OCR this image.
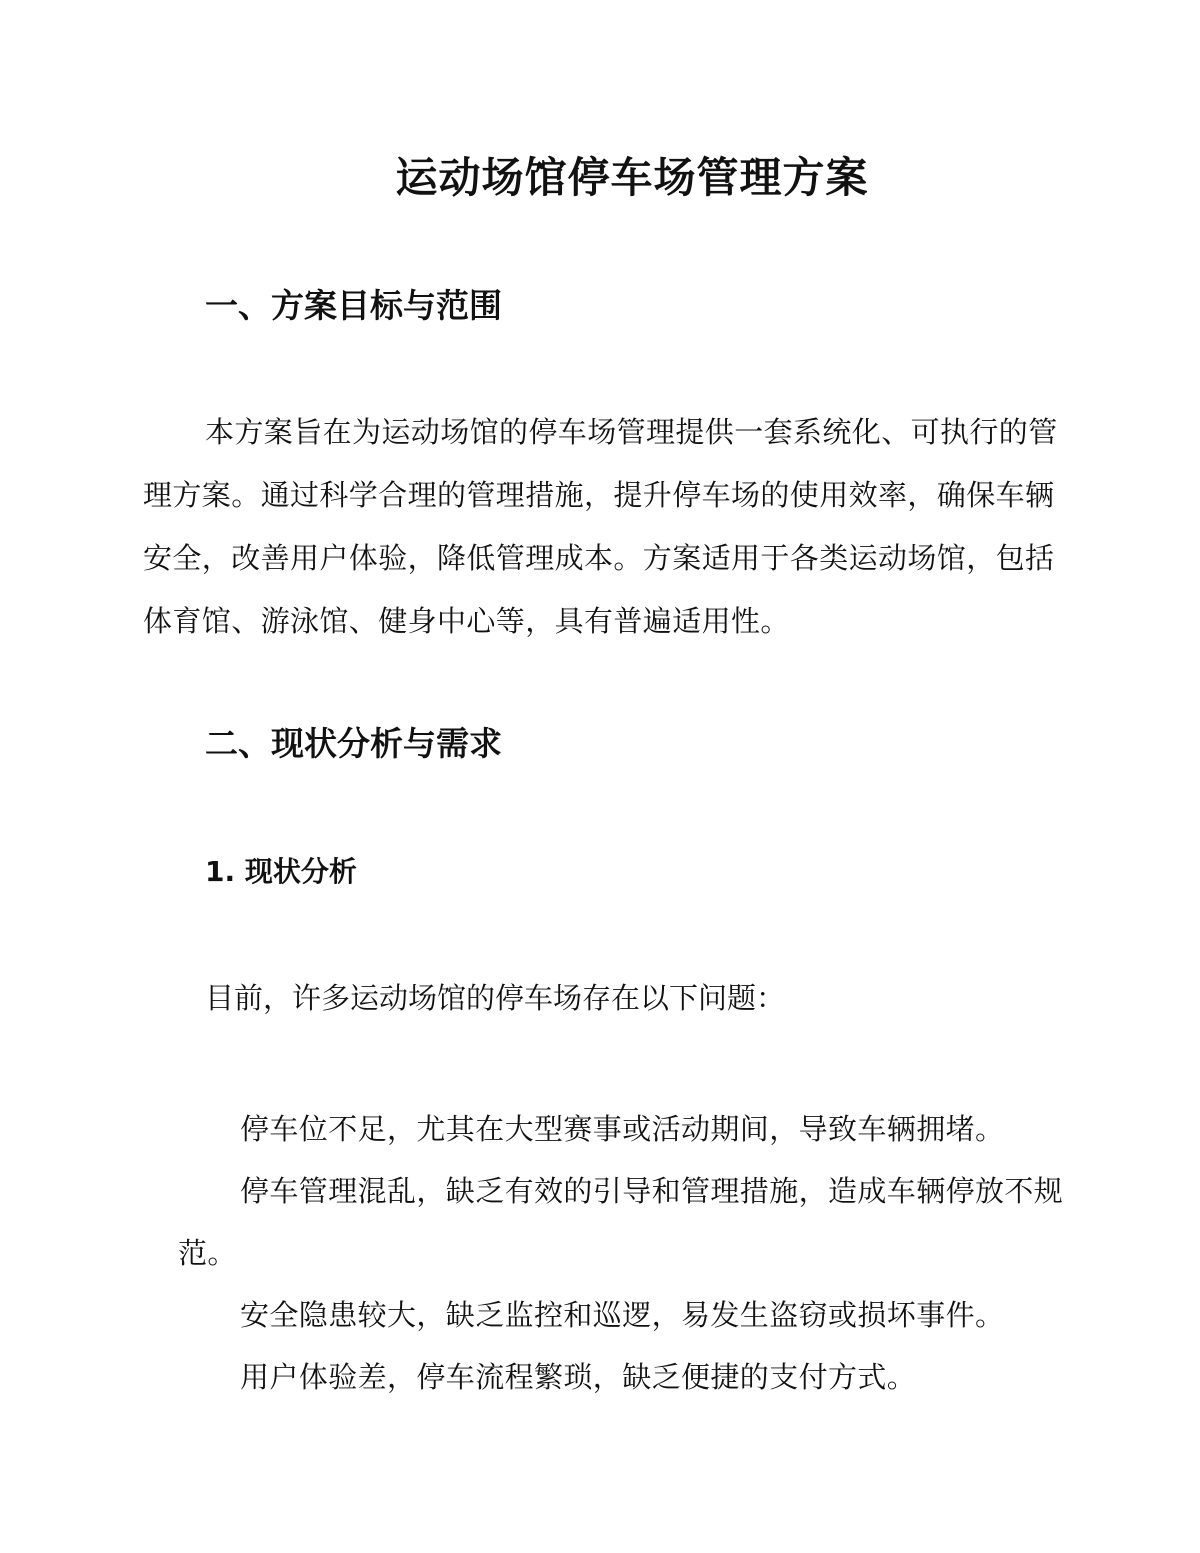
运动场馆停车场管理方案
一、方案目标与范围

本方案旨在为运动场馆的停车场管理提供一套系统化、可执行的管理方案。通过科学合理的管理措施，提升停车场的使用效率，确保车辆安全，改善用户体验，降低管理成本。方案适用于各类运动场馆，包括体育馆、游泳馆、健身中心等，具有普遍适用性。

二、现状分析与需求
1. 现状分析

目前，许多运动场馆的停车场存在以下问题：

停车位不足，尤其在大型赛事或活动期间，导致车辆拥堵。
停车管理混乱，缺乏有效的引导和管理措施，造成车辆停放不规范。
安全隐患较大，缺乏监控和巡逻，易发生盗窃或损坏事件。
用户体验差，停车流程繁琐，缺乏便捷的支付方式。
